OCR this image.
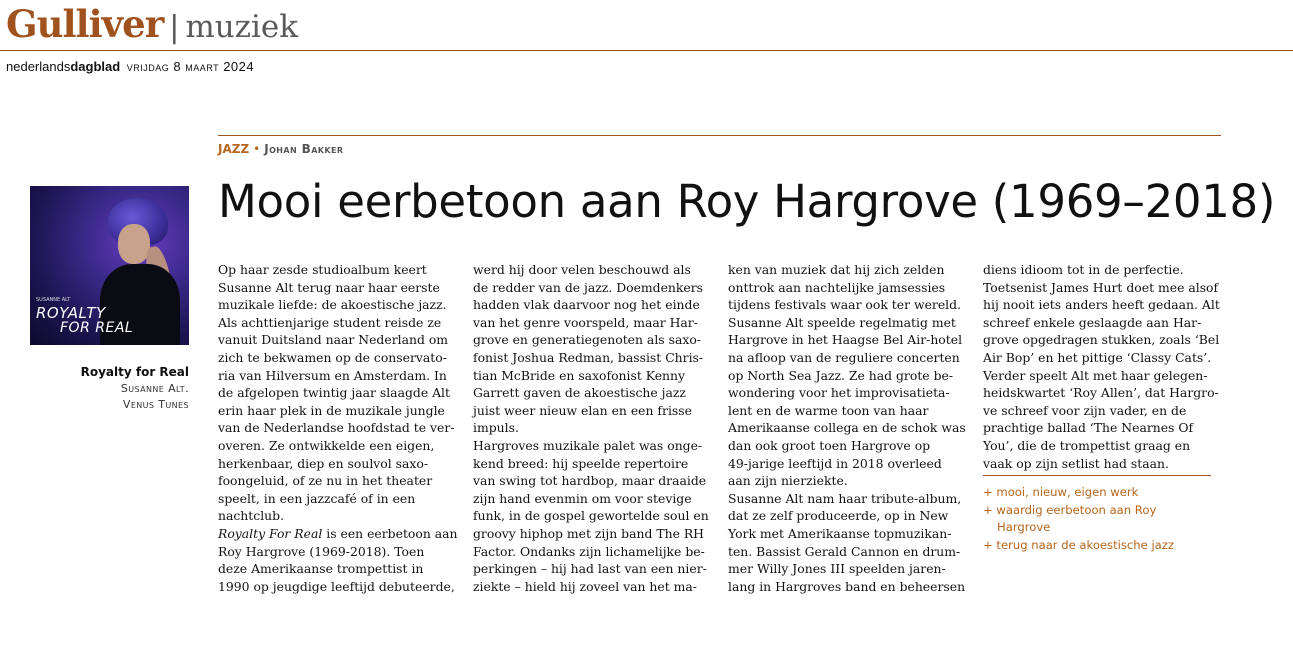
Gulliver | muziek
nederlandsdagblad vrijdag 8 maart 2024
JAZZ • Johan Bakker
Mooi eerbetoon aan Roy Hargrove (1969–2018)
SUSANNE ALT
ROYALTY
FOR REAL
Royalty for Real
Susanne Alt.
Venus Tunes
Op haar zesde studioalbum keert
Susanne Alt terug naar haar eerste
muzikale liefde: de akoestische jazz.
Als achttienjarige student reisde ze
vanuit Duitsland naar Nederland om
zich te bekwamen op de conservato-
ria van Hilversum en Amsterdam. In
de afgelopen twintig jaar slaagde Alt
erin haar plek in de muzikale jungle
van de Nederlandse hoofdstad te ver-
overen. Ze ontwikkelde een eigen,
herkenbaar, diep en soulvol saxo-
foongeluid, of ze nu in het theater
speelt, in een jazzcafé of in een
nachtclub.
Royalty For Real is een eerbetoon aan
Roy Hargrove (1969-2018). Toen
deze Amerikaanse trompettist in
1990 op jeugdige leeftijd debuteerde,
werd hij door velen beschouwd als
de redder van de jazz. Doemdenkers
hadden vlak daarvoor nog het einde
van het genre voorspeld, maar Har-
grove en generatiegenoten als saxo-
fonist Joshua Redman, bassist Chris-
tian McBride en saxofonist Kenny
Garrett gaven de akoestische jazz
juist weer nieuw elan en een frisse
impuls.
Hargroves muzikale palet was onge-
kend breed: hij speelde repertoire
van swing tot hardbop, maar draaide
zijn hand evenmin om voor stevige
funk, in de gospel gewortelde soul en
groovy hiphop met zijn band The RH
Factor. Ondanks zijn lichamelijke be-
perkingen – hij had last van een nier-
ziekte – hield hij zoveel van het ma-
ken van muziek dat hij zich zelden
onttrok aan nachtelijke jamsessies
tijdens festivals waar ook ter wereld.
Susanne Alt speelde regelmatig met
Hargrove in het Haagse Bel Air-hotel
na afloop van de reguliere concerten
op North Sea Jazz. Ze had grote be-
wondering voor het improvisatieta-
lent en de warme toon van haar
Amerikaanse collega en de schok was
dan ook groot toen Hargrove op
49-jarige leeftijd in 2018 overleed
aan zijn nierziekte.
Susanne Alt nam haar tribute-album,
dat ze zelf produceerde, op in New
York met Amerikaanse topmuzikan-
ten. Bassist Gerald Cannon en drum-
mer Willy Jones III speelden jaren-
lang in Hargroves band en beheersen
diens idioom tot in de perfectie.
Toetsenist James Hurt doet mee alsof
hij nooit iets anders heeft gedaan. Alt
schreef enkele geslaagde aan Har-
grove opgedragen stukken, zoals ‘Bel
Air Bop’ en het pittige ‘Classy Cats’.
Verder speelt Alt met haar gelegen-
heidskwartet ‘Roy Allen’, dat Hargro-
ve schreef voor zijn vader, en de
prachtige ballad ‘The Nearnes Of
You’, die de trompettist graag en
vaak op zijn setlist had staan.
+ mooi, nieuw, eigen werk
+ waardig eerbetoon aan Roy
Hargrove
+ terug naar de akoestische jazz
